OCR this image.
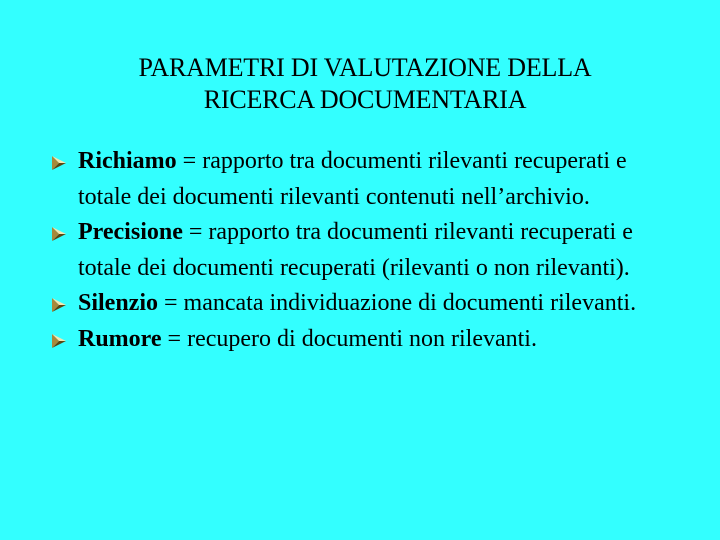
PARAMETRI DI VALUTAZIONE DELLA
RICERCA DOCUMENTARIA
Richiamo = rapporto tra documenti rilevanti recuperati e totale dei documenti rilevanti contenuti nell’archivio.
Precisione = rapporto tra documenti rilevanti recuperati e totale dei documenti recuperati (rilevanti o non rilevanti).
Silenzio = mancata individuazione di documenti rilevanti.
Rumore = recupero di documenti non rilevanti.
